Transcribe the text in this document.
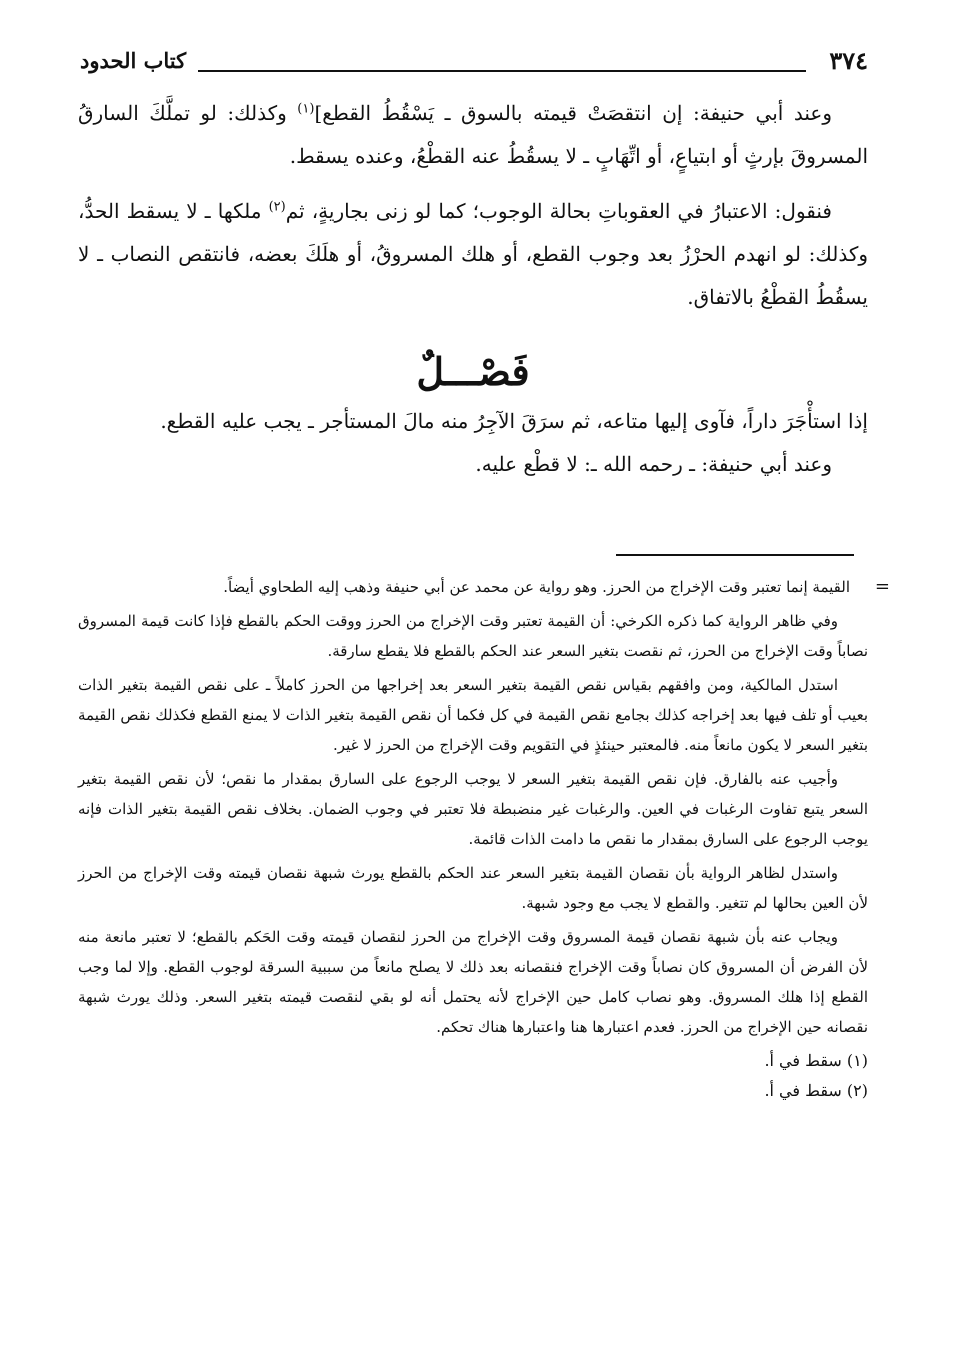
٣٧٤
كتاب الحدود

وعند أبي حنيفة: إن انتقصَتْ قيمته بالسوق ـ يَسْقُطُ القطع]$^{(١)}$ وكذلك: لو تملَّكَ السارقُ المسروقَ بإرثٍ أو ابتياعٍ، أو اتِّهَابٍ ـ لا يسقُطُ عنه القطْعُ، وعنده يسقط.

فنقول: الاعتبارُ في العقوباتِ بحالة الوجوب؛ كما لو زنى بجاريةٍ، ثم$^{(٢)}$ ملكها ـ لا يسقط الحدُّ، وكذلك: لو انهدم الحرْزُ بعد وجوب القطع، أو هلك المسروقُ، أو هلَكَ بعضه، فانتقص النصاب ـ لا يسقُطُ القطْعُ بالاتفاق.

فَصْـــلٌ

إذا استأْجَرَ داراً، فآوى إليها متاعه، ثم سرَقَ الآجِرُ منه مالَ المستأجر ـ يجب عليه القطع.

وعند أبي حنيفة: ـ رحمه الله ـ: لا قطْع عليه.

=
القيمة إنما تعتبر وقت الإخراج من الحرز. وهو رواية عن محمد عن أبي حنيفة وذهب إليه الطحاوي أيضاً.

وفي ظاهر الرواية كما ذكره الكرخي: أن القيمة تعتبر وقت الإخراج من الحرز ووقت الحكم بالقطع فإذا كانت قيمة المسروق نصاباً وقت الإخراج من الحرز، ثم نقصت بتغير السعر عند الحكم بالقطع فلا يقطع سارقة.

استدل المالكية، ومن وافقهم بقياس نقص القيمة بتغير السعر بعد إخراجها من الحرز كاملاً ـ على نقص القيمة بتغير الذات بعيب أو تلف فيها بعد إخراجه كذلك بجامع نقص القيمة في كل فكما أن نقص القيمة بتغير الذات لا يمنع القطع فكذلك نقص القيمة بتغير السعر لا يكون مانعاً منه. فالمعتبر حينئذٍ في التقويم وقت الإخراج من الحرز لا غير.

وأجيب عنه بالفارق. فإن نقص القيمة بتغير السعر لا يوجب الرجوع على السارق بمقدار ما نقص؛ لأن نقص القيمة بتغير السعر يتبع تفاوت الرغبات في العين. والرغبات غير منضبطة فلا تعتبر في وجوب الضمان. بخلاف نقص القيمة بتغير الذات فإنه يوجب الرجوع على السارق بمقدار ما نقص ما دامت الذات قائمة.

واستدل لظاهر الرواية بأن نقصان القيمة بتغير السعر عند الحكم بالقطع يورث شبهة نقصان قيمته وقت الإخراج من الحرز لأن العين بحالها لم تتغير. والقطع لا يجب مع وجود شبهة.

ويجاب عنه بأن شبهة نقصان قيمة المسروق وقت الإخراج من الحرز لنقصان قيمته وقت الحَكم بالقطع؛ لا تعتبر مانعة منه لأن الفرض أن المسروق كان نصاباً وقت الإخراج فنقصانه بعد ذلك لا يصلح مانعاً من سببية السرقة لوجوب القطع. وإلا لما وجب القطع إذا هلك المسروق. وهو نصاب كامل حين الإخراج لأنه يحتمل أنه لو بقي لنقصت قيمته بتغير السعر. وذلك يورث شبهة نقصانه حين الإخراج من الحرز. فعدم اعتبارها هنا واعتبارها هناك تحكم.

(١) سقط في أ.

(٢) سقط في أ.
